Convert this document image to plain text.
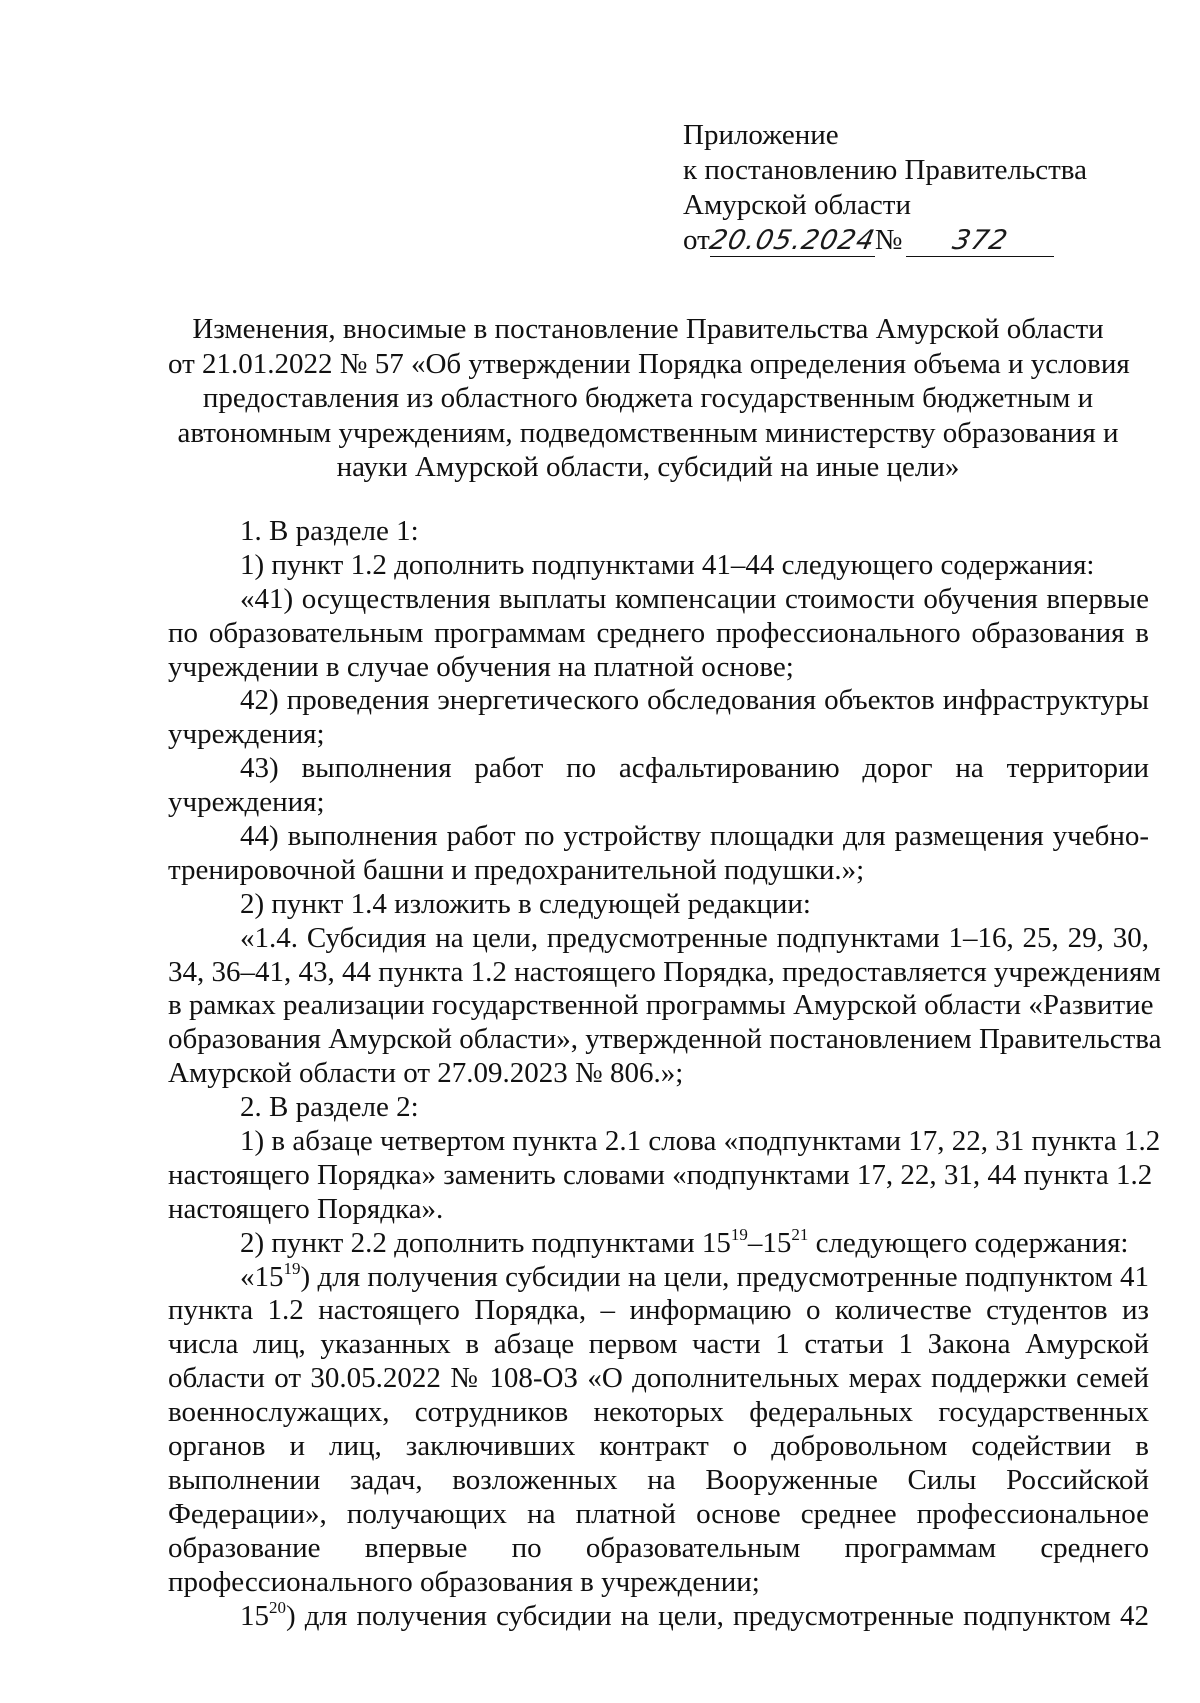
Приложение
к постановлению Правительства
Амурской области
от20.05.2024№ 372
Изменения, вносимые в постановление Правительства Амурской области
от 21.01.2022 № 57 «Об утверждении Порядка определения объема и условия
предоставления из областного бюджета государственным бюджетным и
автономным учреждениям, подведомственным министерству образования и
науки Амурской области, субсидий на иные цели»
1. В разделе 1:
1) пункт 1.2 дополнить подпунктами 41–44 следующего содержания:
«41) осуществления выплаты компенсации стоимости обучения впервые
по образовательным программам среднего профессионального образования в
учреждении в случае обучения на платной основе;
42) проведения энергетического обследования объектов инфраструктуры
учреждения;
43) выполнения работ по асфальтированию дорог на территории
учреждения;
44) выполнения работ по устройству площадки для размещения учебно-
тренировочной башни и предохранительной подушки.»;
2) пункт 1.4 изложить в следующей редакции:
«1.4. Субсидия на цели, предусмотренные подпунктами 1–16, 25, 29, 30,
34, 36–41, 43, 44 пункта 1.2 настоящего Порядка, предоставляется учреждениям
в рамках реализации государственной программы Амурской области «Развитие
образования Амурской области», утвержденной постановлением Правительства
Амурской области от 27.09.2023 № 806.»;
2. В разделе 2:
1) в абзаце четвертом пункта 2.1 слова «подпунктами 17, 22, 31 пункта 1.2
настоящего Порядка» заменить словами «подпунктами 17, 22, 31, 44 пункта 1.2
настоящего Порядка».
2) пункт 2.2 дополнить подпунктами $15^{19}-15^{21}$ следующего содержания:
«$15^{19}$) для получения субсидии на цели, предусмотренные подпунктом 41
пункта 1.2 настоящего Порядка, – информацию о количестве студентов из
числа лиц, указанных в абзаце первом части 1 статьи 1 Закона Амурской
области от 30.05.2022 № 108-ОЗ «О дополнительных мерах поддержки семей
военнослужащих, сотрудников некоторых федеральных государственных
органов и лиц, заключивших контракт о добровольном содействии в
выполнении задач, возложенных на Вооруженные Силы Российской
Федерации», получающих на платной основе среднее профессиональное
образование впервые по образовательным программам среднего
профессионального образования в учреждении;
$15^{20}$) для получения субсидии на цели, предусмотренные подпунктом 42
